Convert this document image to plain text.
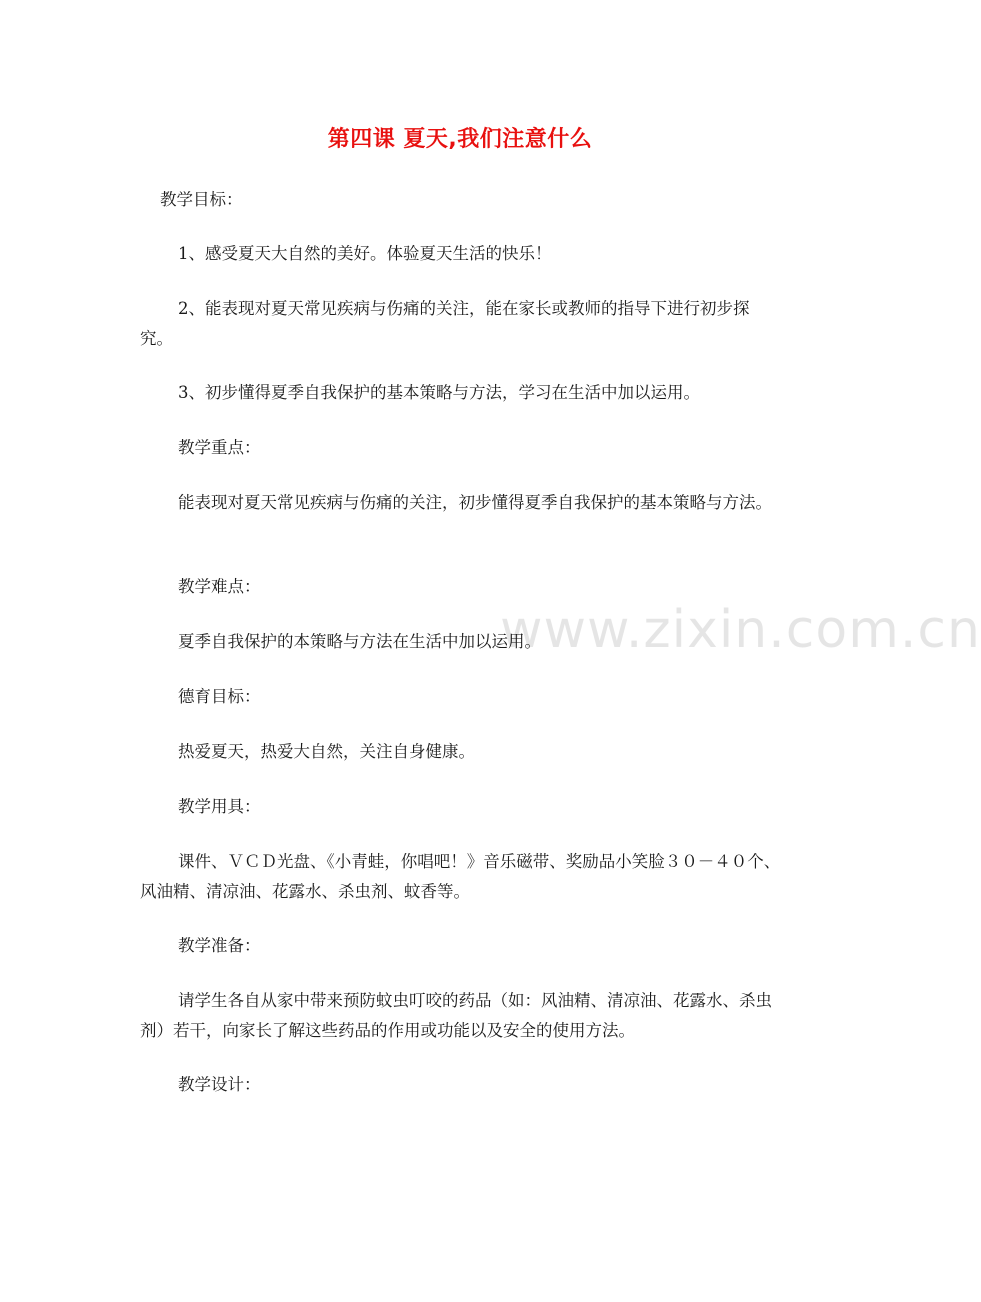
第四课 夏天,我们注意什么
教学目标：
1、感受夏天大自然的美好。体验夏天生活的快乐！
2、能表现对夏天常见疾病与伤痛的关注，能在家长或教师的指导下进行初步探究。
3、初步懂得夏季自我保护的基本策略与方法，学习在生活中加以运用。
教学重点：
能表现对夏天常见疾病与伤痛的关注，初步懂得夏季自我保护的基本策略与方法。
教学难点：
夏季自我保护的本策略与方法在生活中加以运用。
德育目标：
热爱夏天，热爱大自然，关注自身健康。
教学用具：
课件、ＶＣＤ光盘、《小青蛙，你唱吧！》音乐磁带、奖励品小笑脸３０－４０个、风油精、清凉油、花露水、杀虫剂、蚊香等。
教学准备：
请学生各自从家中带来预防蚊虫叮咬的药品（如：风油精、清凉油、花露水、杀虫剂）若干，向家长了解这些药品的作用或功能以及安全的使用方法。
教学设计：
www.zixin.com.cn
